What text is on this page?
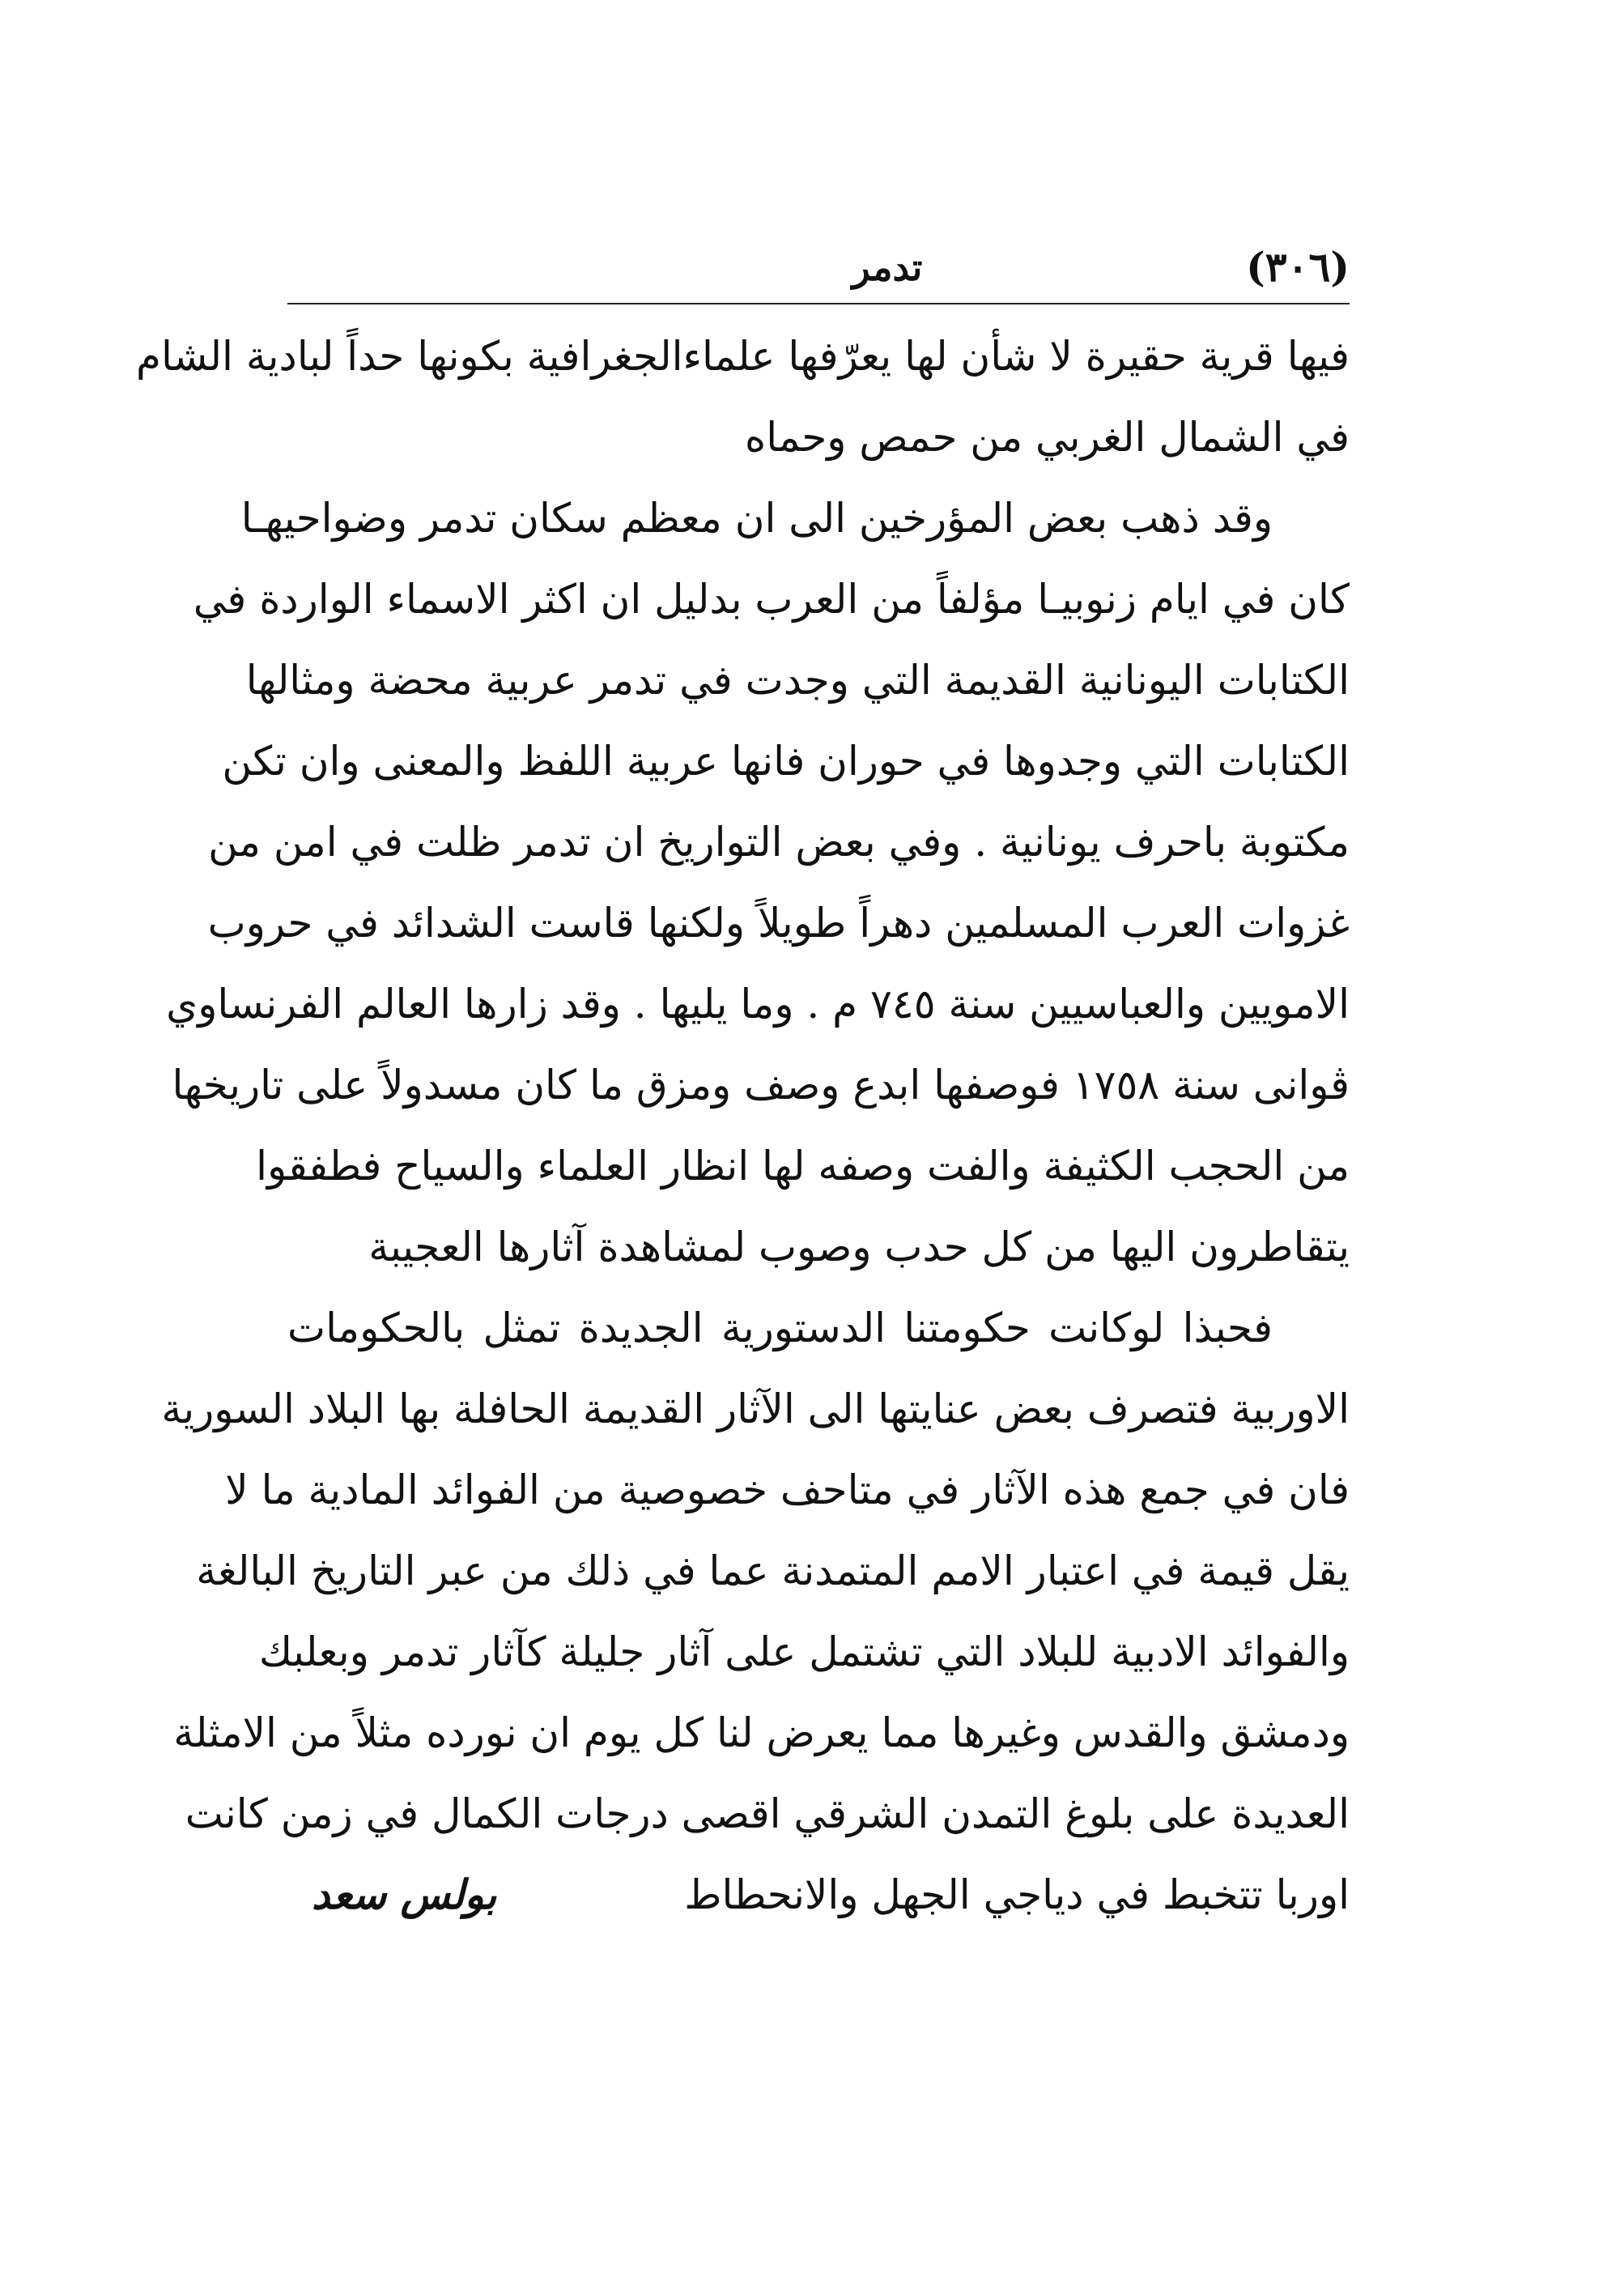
(٣٠٦)
تدمر
فيها قرية حقيرة لا شأن لها يعرّفها علماءالجغرافية بكونها حداً لبادية الشام
في الشمال الغربي من حمص وحماه
وقد ذهب بعض المؤرخين الى ان معظم سكان تدمر وضواحيهـا
كان في ايام زنوبيـا مؤلفاً من العرب بدليل ان اكثر الاسماء الواردة في
الكتابات اليونانية القديمة التي وجدت في تدمر عربية محضة ومثالها
الكتابات التي وجدوها في حوران فانها عربية اللفظ والمعنى وان تكن
مكتوبة باحرف يونانية . وفي بعض التواريخ ان تدمر ظلت في امن من
غزوات العرب المسلمين دهراً طويلاً ولكنها قاست الشدائد في حروب
الامويين والعباسيين سنة ٧٤٥ م . وما يليها . وقد زارها العالم الفرنساوي
ڤوانى سنة ١٧٥٨ فوصفها ابدع وصف ومزق ما كان مسدولاً على تاريخها
من الحجب الكثيفة والفت وصفه لها انظار العلماء والسياح فطفقوا
يتقاطرون اليها من كل حدب وصوب لمشاهدة آثارها العجيبة
فحبذا لوكانت حكومتنا الدستورية الجديدة تمثل بالحكومات
الاوربية فتصرف بعض عنايتها الى الآثار القديمة الحافلة بها البلاد السورية
فان في جمع هذه الآثار في متاحف خصوصية من الفوائد المادية ما لا
يقل قيمة في اعتبار الامم المتمدنة عما في ذلك من عبر التاريخ البالغة
والفوائد الادبية للبلاد التي تشتمل على آثار جليلة كآثار تدمر وبعلبك
ودمشق والقدس وغيرها مما يعرض لنا كل يوم ان نورده مثلاً من الامثلة
العديدة على بلوغ التمدن الشرقي اقصى درجات الكمال في زمن كانت
اوربا تتخبط في دياجي الجهل والانحطاط
بولس سعد
